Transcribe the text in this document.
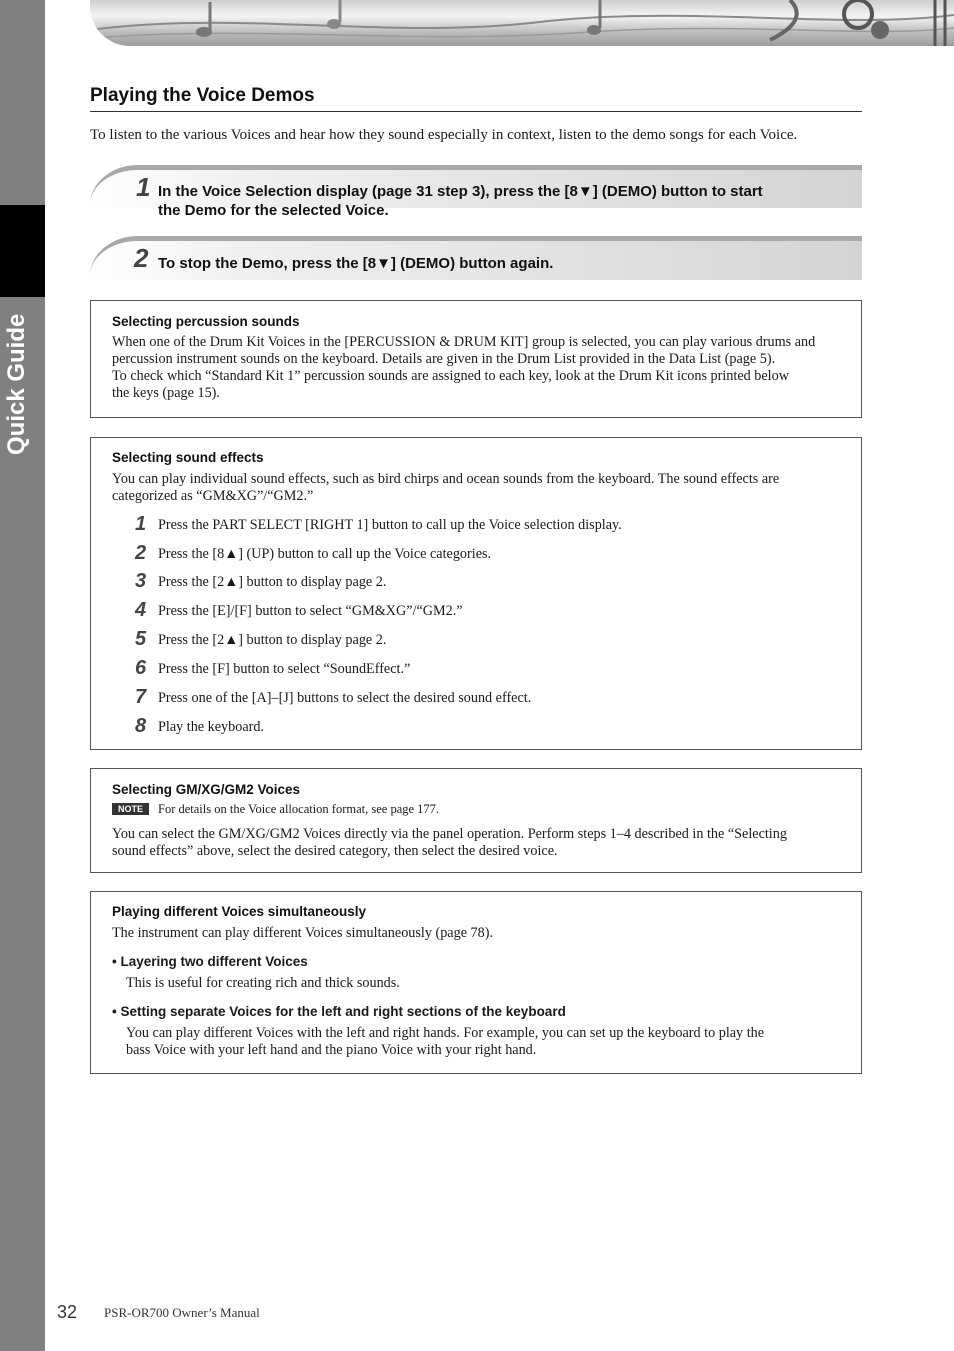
Quick Guide
Playing the Voice Demos
To listen to the various Voices and hear how they sound especially in context, listen to the demo songs for each Voice.
1 In the Voice Selection display (page 31 step 3), press the [8▼] (DEMO) button to start
the Demo for the selected Voice.
2 To stop the Demo, press the [8▼] (DEMO) button again.
Selecting percussion sounds
When one of the Drum Kit Voices in the [PERCUSSION & DRUM KIT] group is selected, you can play various drums and
percussion instrument sounds on the keyboard. Details are given in the Drum List provided in the Data List (page 5).
To check which “Standard Kit 1” percussion sounds are assigned to each key, look at the Drum Kit icons printed below
the keys (page 15).
Selecting sound effects
You can play individual sound effects, such as bird chirps and ocean sounds from the keyboard. The sound effects are
categorized as “GM&XG”/“GM2.”
1 Press the PART SELECT [RIGHT 1] button to call up the Voice selection display.
2 Press the [8▲] (UP) button to call up the Voice categories.
3 Press the [2▲] button to display page 2.
4 Press the [E]/[F] button to select “GM&XG”/“GM2.”
5 Press the [2▲] button to display page 2.
6 Press the [F] button to select “SoundEffect.”
7 Press one of the [A]–[J] buttons to select the desired sound effect.
8 Play the keyboard.
Selecting GM/XG/GM2 Voices
NOTE	For details on the Voice allocation format, see page 177.
You can select the GM/XG/GM2 Voices directly via the panel operation. Perform steps 1–4 described in the “Selecting
sound effects” above, select the desired category, then select the desired voice.
Playing different Voices simultaneously
The instrument can play different Voices simultaneously (page 78).
• Layering two different Voices
This is useful for creating rich and thick sounds.
• Setting separate Voices for the left and right sections of the keyboard
You can play different Voices with the left and right hands. For example, you can set up the keyboard to play the
bass Voice with your left hand and the piano Voice with your right hand.
32 PSR-OR700 Owner’s Manual
